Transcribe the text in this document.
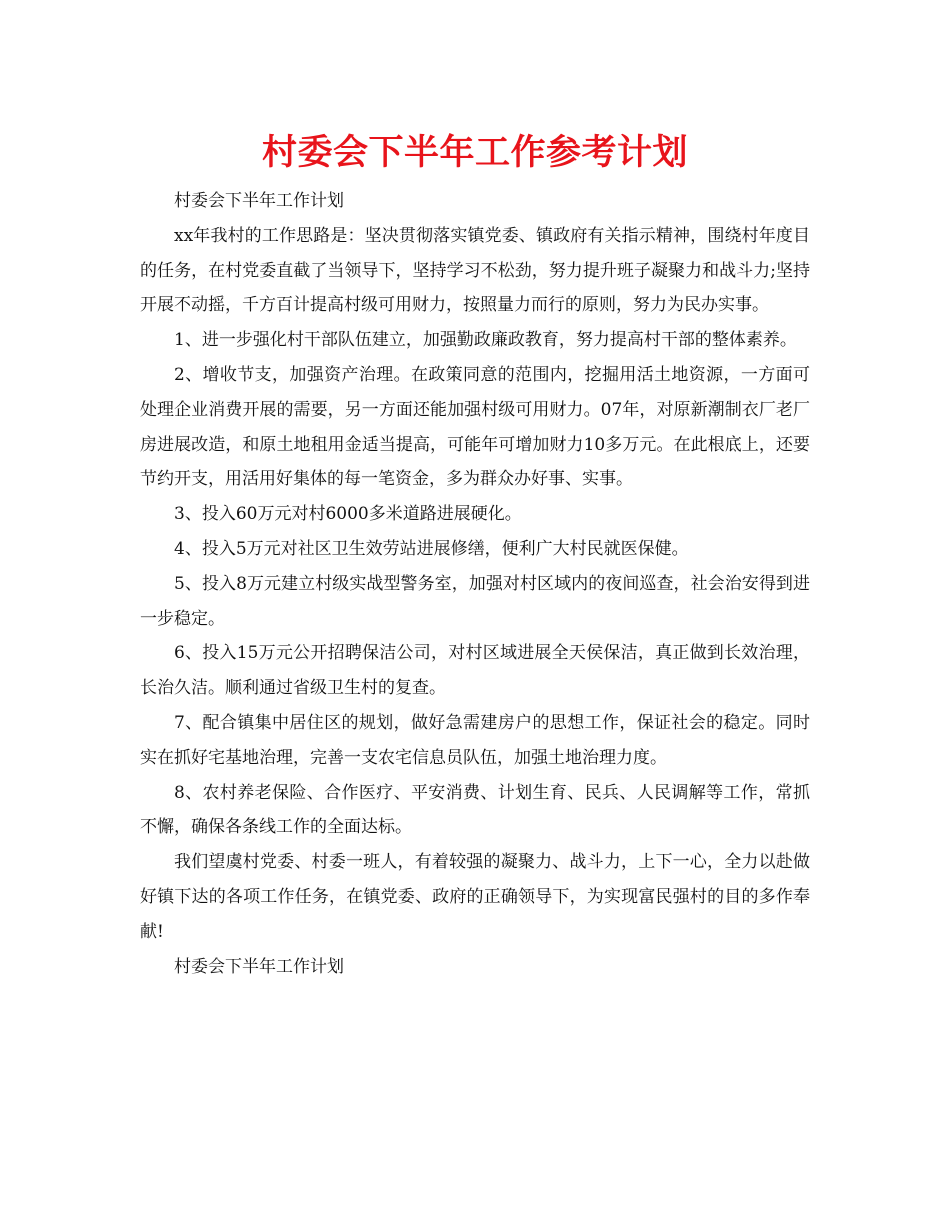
村委会下半年工作参考计划

村委会下半年工作计划

xx年我村的工作思路是：坚决贯彻落实镇党委、镇政府有关指示精神，围绕村年度目的任务，在村党委直截了当领导下，坚持学习不松劲，努力提升班子凝聚力和战斗力;坚持开展不动摇，千方百计提高村级可用财力，按照量力而行的原则，努力为民办实事。

1、进一步强化村干部队伍建立，加强勤政廉政教育，努力提高村干部的整体素养。

2、增收节支，加强资产治理。在政策同意的范围内，挖掘用活土地资源，一方面可处理企业消费开展的需要，另一方面还能加强村级可用财力。07年，对原新潮制衣厂老厂房进展改造，和原土地租用金适当提高，可能年可增加财力10多万元。在此根底上，还要节约开支，用活用好集体的每一笔资金，多为群众办好事、实事。

3、投入60万元对村6000多米道路进展硬化。

4、投入5万元对社区卫生效劳站进展修缮，便利广大村民就医保健。

5、投入8万元建立村级实战型警务室，加强对村区域内的夜间巡查，社会治安得到进一步稳定。

6、投入15万元公开招聘保洁公司，对村区域进展全天侯保洁，真正做到长效治理，长治久洁。顺利通过省级卫生村的复查。

7、配合镇集中居住区的规划，做好急需建房户的思想工作，保证社会的稳定。同时实在抓好宅基地治理，完善一支农宅信息员队伍，加强土地治理力度。

8、农村养老保险、合作医疗、平安消费、计划生育、民兵、人民调解等工作，常抓不懈，确保各条线工作的全面达标。

我们望虞村党委、村委一班人，有着较强的凝聚力、战斗力，上下一心，全力以赴做好镇下达的各项工作任务，在镇党委、政府的正确领导下，为实现富民强村的目的多作奉献!

村委会下半年工作计划
